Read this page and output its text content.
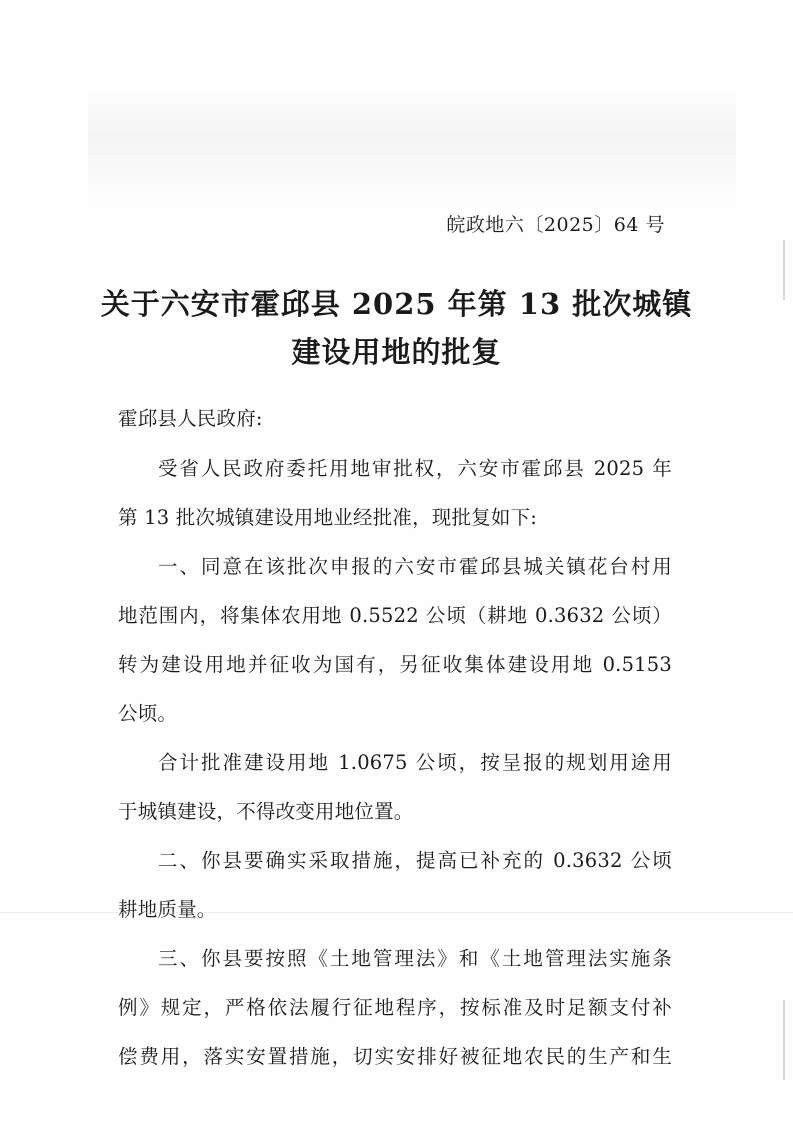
皖政地六〔2025〕64 号
关于六安市霍邱县 2025 年第 13 批次城镇
建设用地的批复
霍邱县人民政府:
受省人民政府委托用地审批权，六安市霍邱县 2025 年
第 13 批次城镇建设用地业经批准，现批复如下:
一、同意在该批次申报的六安市霍邱县城关镇花台村用
地范围内，将集体农用地 0.5522 公顷（耕地 0.3632 公顷）
转为建设用地并征收为国有，另征收集体建设用地 0.5153
公顷。
合计批准建设用地 1.0675 公顷，按呈报的规划用途用
于城镇建设，不得改变用地位置。
二、你县要确实采取措施，提高已补充的 0.3632 公顷
耕地质量。
三、你县要按照《土地管理法》和《土地管理法实施条
例》规定，严格依法履行征地程序，按标准及时足额支付补
偿费用，落实安置措施，切实安排好被征地农民的生产和生
